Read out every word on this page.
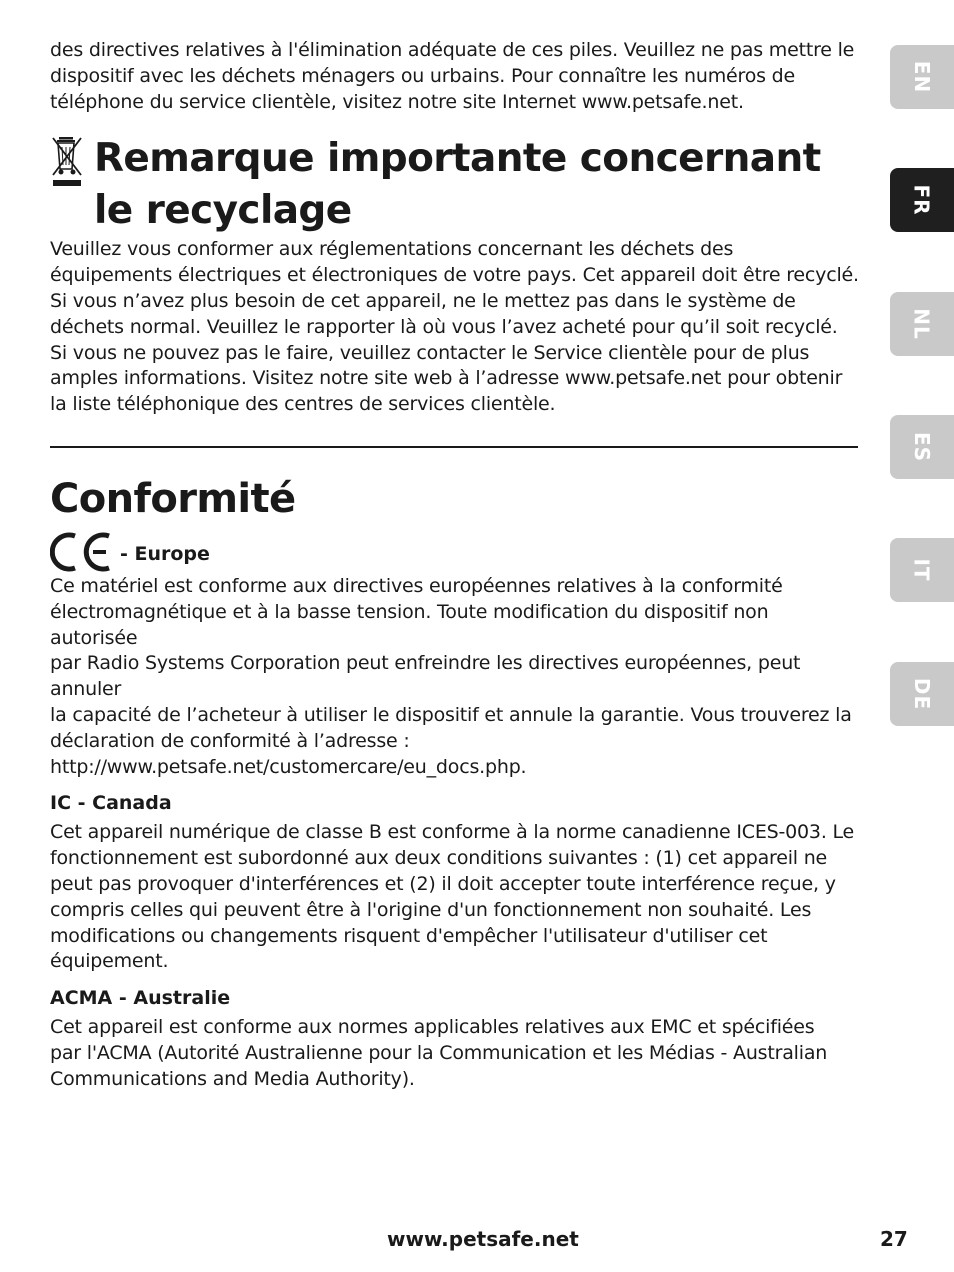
des directives relatives à l'élimination adéquate de ces piles. Veuillez ne pas mettre le dispositif avec les déchets ménagers ou urbains. Pour connaître les numéros de téléphone du service clientèle, visitez notre site Internet www.petsafe.net.

Remarque importante concernant le recyclage

Veuillez vous conformer aux réglementations concernant les déchets des équipements électriques et électroniques de votre pays. Cet appareil doit être recyclé. Si vous n’avez plus besoin de cet appareil, ne le mettez pas dans le système de déchets normal. Veuillez le rapporter là où vous l’avez acheté pour qu’il soit recyclé. Si vous ne pouvez pas le faire, veuillez contacter le Service clientèle pour de plus amples informations. Visitez notre site web à l’adresse www.petsafe.net pour obtenir la liste téléphonique des centres de services clientèle.

Conformité
- Europe

Ce matériel est conforme aux directives européennes relatives à la conformité
électromagnétique et à la basse tension. Toute modification du dispositif non autorisée
par Radio Systems Corporation peut enfreindre les directives européennes, peut annuler
la capacité de l’acheteur à utiliser le dispositif et annule la garantie. Vous trouverez la
déclaration de conformité à l’adresse :
http://www.petsafe.net/customercare/eu_docs.php.

IC - Canada

Cet appareil numérique de classe B est conforme à la norme canadienne ICES-003. Le fonctionnement est subordonné aux deux conditions suivantes : (1) cet appareil ne peut pas provoquer d'interférences et (2) il doit accepter toute interférence reçue, y compris celles qui peuvent être à l'origine d'un fonctionnement non souhaité. Les modifications ou changements risquent d'empêcher l'utilisateur d'utiliser cet équipement.

ACMA - Australie

Cet appareil est conforme aux normes applicables relatives aux EMC et spécifiées
par l'ACMA (Autorité Australienne pour la Communication et les Médias - Australian
Communications and Media Authority).

EN
FR
NL
ES
IT
DE
www.petsafe.net	27
